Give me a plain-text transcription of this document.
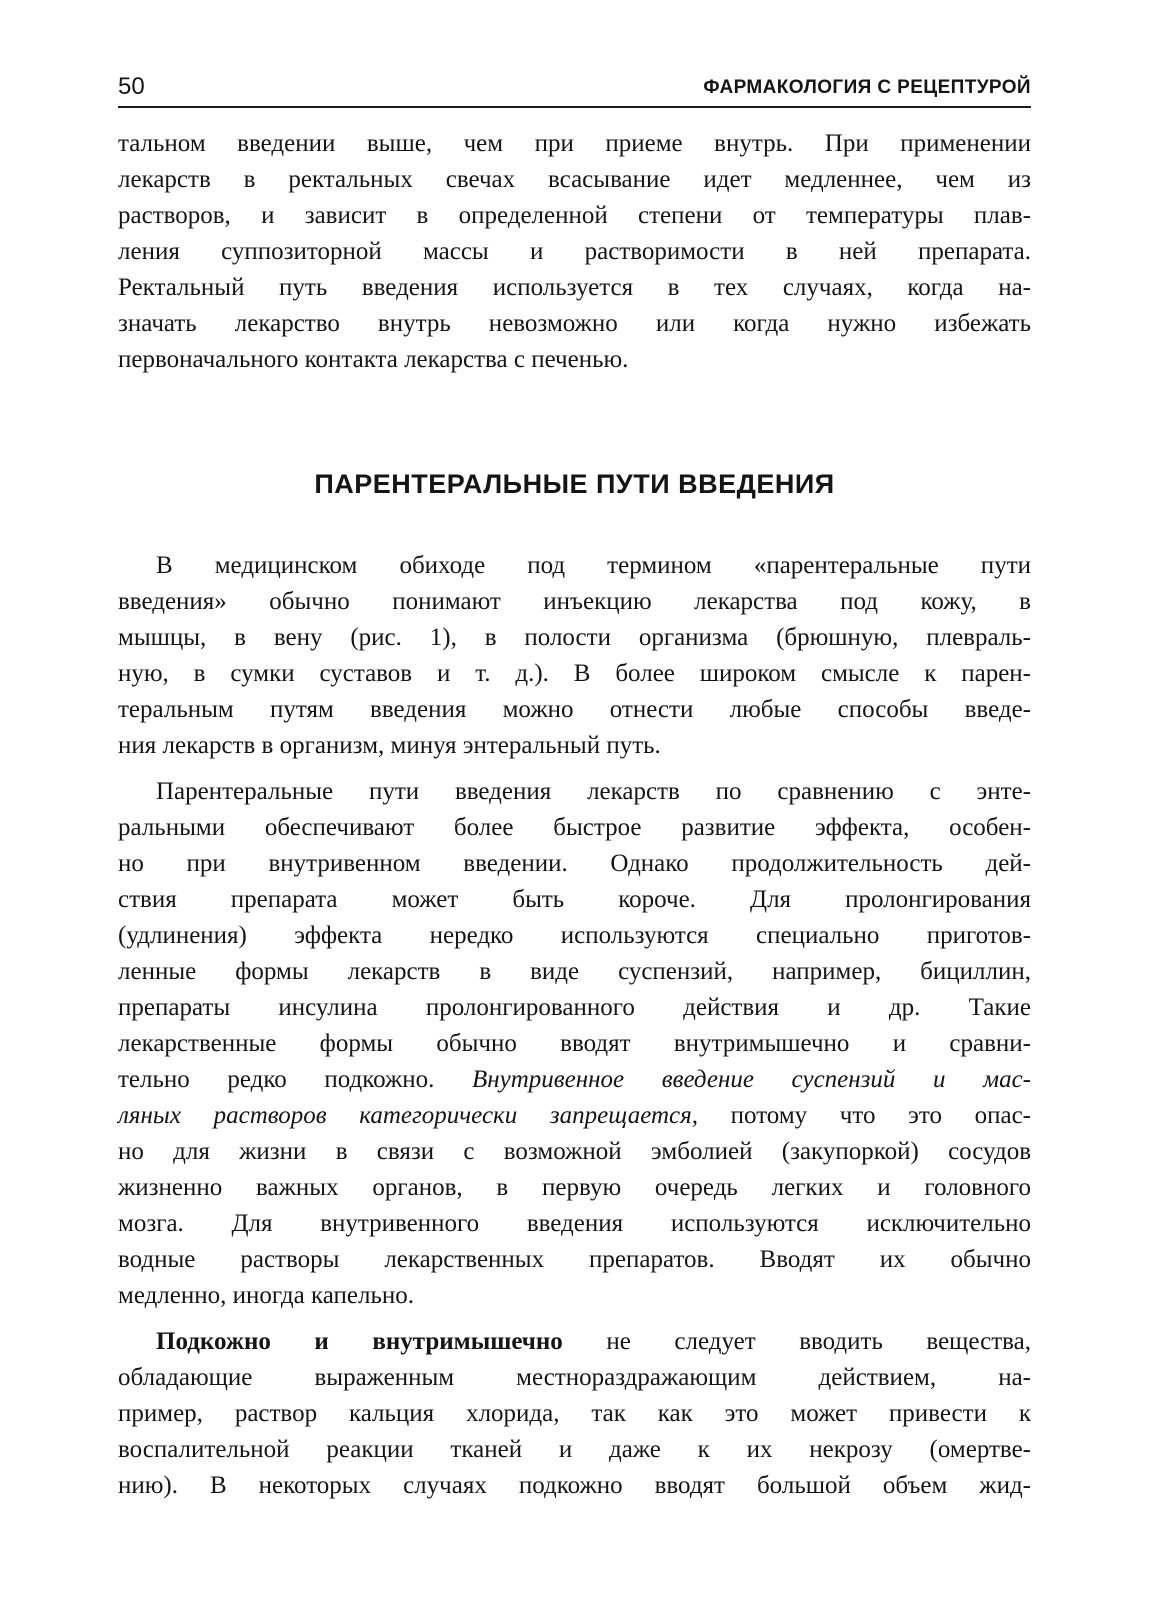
50	ФАРМАКОЛОГИЯ С РЕЦЕПТУРОЙ
тальном введении выше, чем при приеме внутрь. При применении
лекарств в ректальных свечах всасывание идет медленнее, чем из
растворов, и зависит в определенной степени от температуры плав-
ления суппозиторной массы и растворимости в ней препарата.
Ректальный путь введения используется в тех случаях, когда на-
значать лекарство внутрь невозможно или когда нужно избежать
первоначального контакта лекарства с печенью.
ПАРЕНТЕРАЛЬНЫЕ ПУТИ ВВЕДЕНИЯ
В медицинском обиходе под термином «парентеральные пути
введения» обычно понимают инъекцию лекарства под кожу, в
мышцы, в вену (рис. 1), в полости организма (брюшную, плевраль-
ную, в сумки суставов и т. д.). В более широком смысле к парен-
теральным путям введения можно отнести любые способы введе-
ния лекарств в организм, минуя энтеральный путь.
Парентеральные пути введения лекарств по сравнению с энте-
ральными обеспечивают более быстрое развитие эффекта, особен-
но при внутривенном введении. Однако продолжительность дей-
ствия препарата может быть короче. Для пролонгирования
(удлинения) эффекта нередко используются специально приготов-
ленные формы лекарств в виде суспензий, например, бициллин,
препараты инсулина пролонгированного действия и др. Такие
лекарственные формы обычно вводят внутримышечно и сравни-
тельно редко подкожно. Внутривенное введение суспензий и мас-
ляных растворов категорически запрещается, потому что это опас-
но для жизни в связи с возможной эмболией (закупоркой) сосудов
жизненно важных органов, в первую очередь легких и головного
мозга. Для внутривенного введения используются исключительно
водные растворы лекарственных препаратов. Вводят их обычно
медленно, иногда капельно.
Подкожно и внутримышечно не следует вводить вещества,
обладающие выраженным местнораздражающим действием, на-
пример, раствор кальция хлорида, так как это может привести к
воспалительной реакции тканей и даже к их некрозу (омертве-
нию). В некоторых случаях подкожно вводят большой объем жид-
